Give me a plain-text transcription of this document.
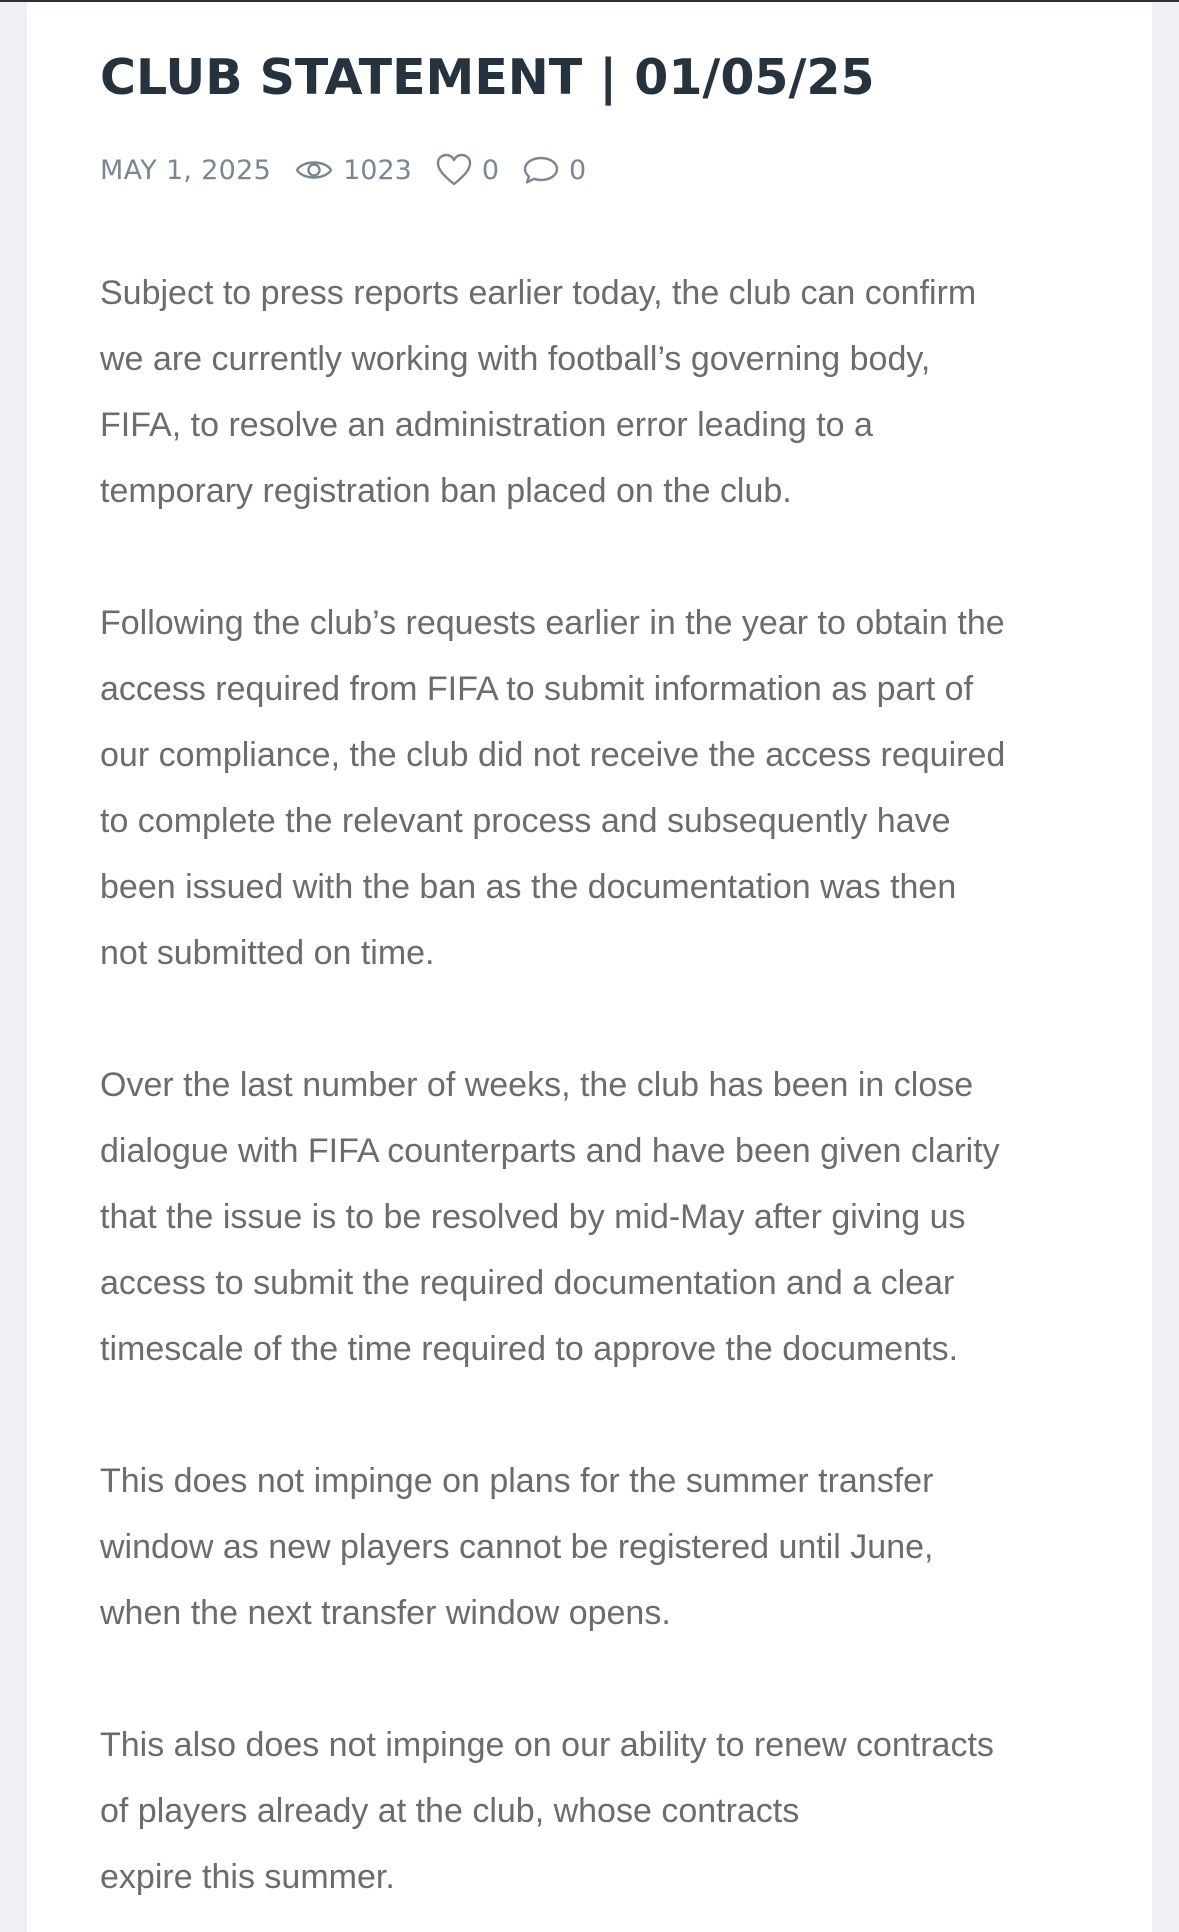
CLUB STATEMENT | 01/05/25
MAY 1, 2025	1023	0	0

Subject to press reports earlier today, the club can confirm
we are currently working with football’s governing body,
FIFA, to resolve an administration error leading to a
temporary registration ban placed on the club.

Following the club’s requests earlier in the year to obtain the
access required from FIFA to submit information as part of
our compliance, the club did not receive the access required
to complete the relevant process and subsequently have
been issued with the ban as the documentation was then
not submitted on time.

Over the last number of weeks, the club has been in close
dialogue with FIFA counterparts and have been given clarity
that the issue is to be resolved by mid-May after giving us
access to submit the required documentation and a clear
timescale of the time required to approve the documents.

This does not impinge on plans for the summer transfer
window as new players cannot be registered until June,
when the next transfer window opens.

This also does not impinge on our ability to renew contracts
of players already at the club, whose contracts
expire this summer.
